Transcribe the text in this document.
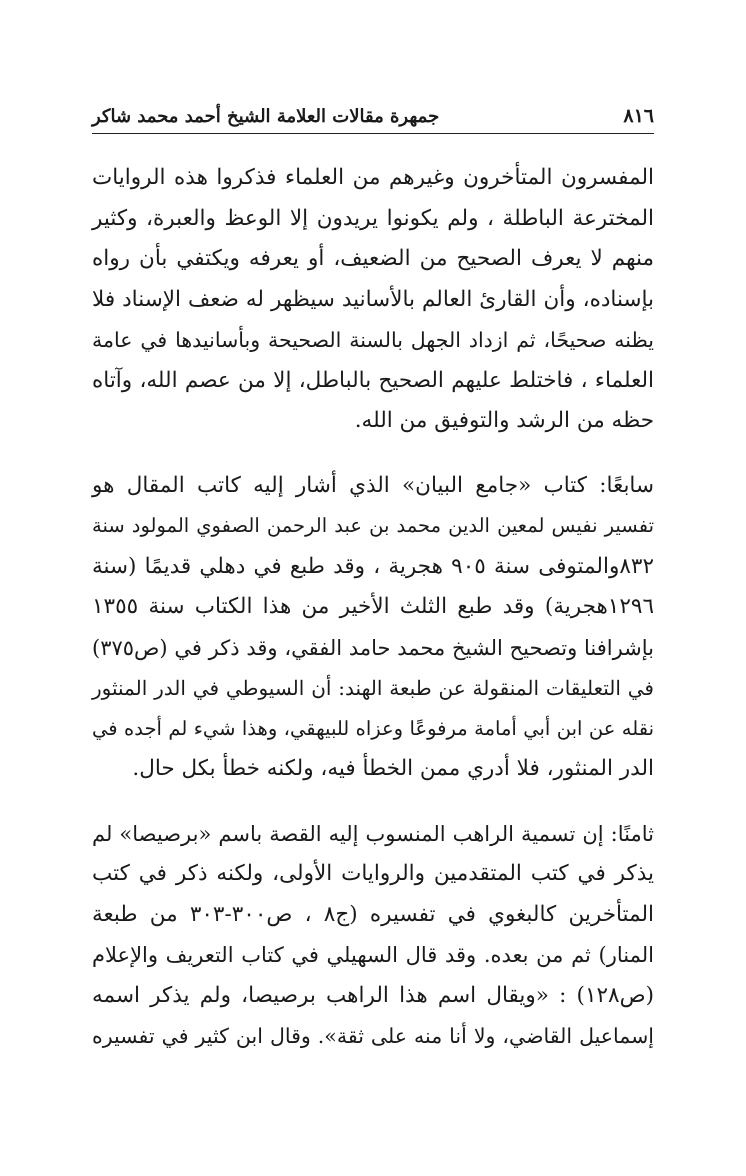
٨١٦
جمهرة مقالات العلامة الشيخ أحمد محمد شاكر

المفسرون المتأخرون وغيرهم من العلماء فذكروا هذه الروايات
المخترعة الباطلة ، ولم يكونوا يريدون إلا الوعظ والعبرة، وكثير
منهم لا يعرف الصحيح من الضعيف، أو يعرفه ويكتفي بأن رواه
بإسناده، وأن القارئ العالم بالأسانيد سيظهر له ضعف الإسناد فلا
يظنه صحيحًا، ثم ازداد الجهل بالسنة الصحيحة وبأسانيدها في عامة
العلماء ، فاختلط عليهم الصحيح بالباطل، إلا من عصم الله، وآتاه
حظه من الرشد والتوفيق من الله.

سابعًا: كتاب «جامع البيان» الذي أشار إليه كاتب المقال هو
تفسير نفيس لمعين الدين محمد بن عبد الرحمن الصفوي المولود سنة
٨٣٢والمتوفى سنة ٩٠٥ هجرية ، وقد طبع في دهلي قديمًا (سنة
١٢٩٦هجرية) وقد طبع الثلث الأخير من هذا الكتاب سنة ١٣٥٥
بإشرافنا وتصحيح الشيخ محمد حامد الفقي، وقد ذكر في (ص٣٧٥)
في التعليقات المنقولة عن طبعة الهند: أن السيوطي في الدر المنثور
نقله عن ابن أبي أمامة مرفوعًا وعزاه للبيهقي، وهذا شيء لم أجده في
الدر المنثور، فلا أدري ممن الخطأ فيه، ولكنه خطأ بكل حال.

ثامنًا: إن تسمية الراهب المنسوب إليه القصة باسم «برصيصا» لم
يذكر في كتب المتقدمين والروايات الأولى، ولكنه ذكر في كتب
المتأخرين كالبغوي في تفسيره (ج٨ ، ص٣٠٠-٣٠٣ من طبعة
المنار) ثم من بعده. وقد قال السهيلي في كتاب التعريف والإعلام
(ص١٢٨) : «ويقال اسم هذا الراهب برصيصا، ولم يذكر اسمه
إسماعيل القاضي، ولا أنا منه على ثقة». وقال ابن كثير في تفسيره
